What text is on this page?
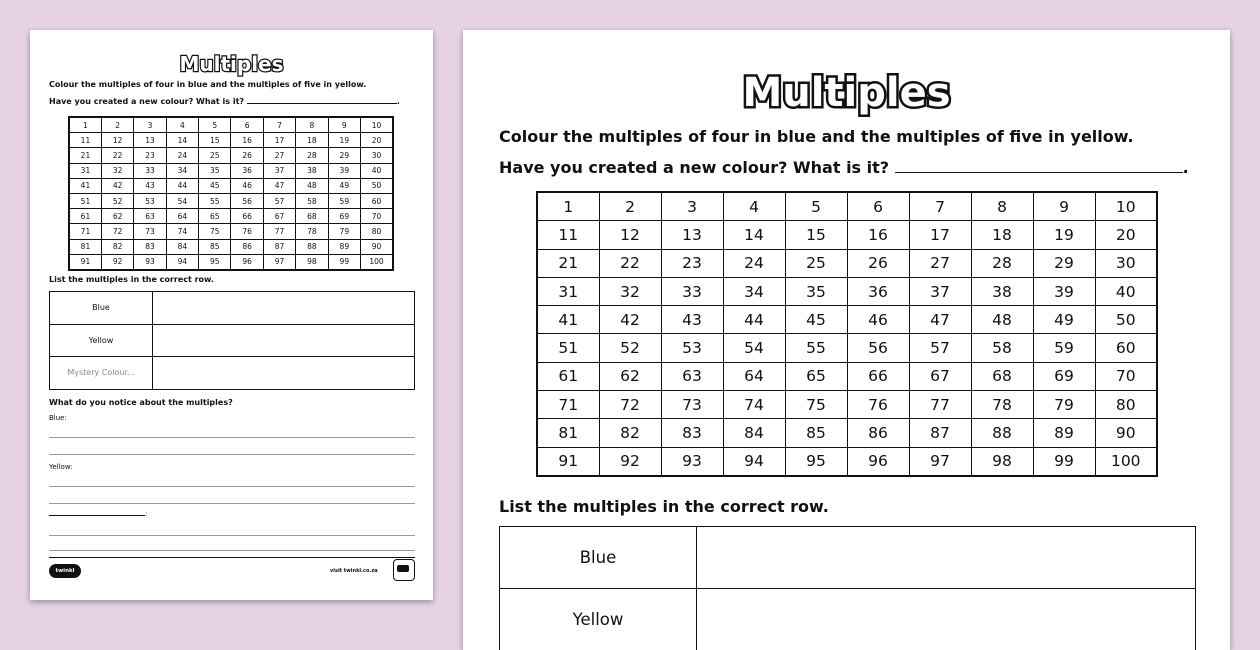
Multiples
Colour the multiples of four in blue and the multiples of five in yellow.
Have you created a new colour? What is it?	.
1	2	3	4	5	6	7	8	9	10
11	12	13	14	15	16	17	18	19	20
21	22	23	24	25	26	27	28	29	30
31	32	33	34	35	36	37	38	39	40
41	42	43	44	45	46	47	48	49	50
51	52	53	54	55	56	57	58	59	60
61	62	63	64	65	66	67	68	69	70
71	72	73	74	75	76	77	78	79	80
81	82	83	84	85	86	87	88	89	90
91	92	93	94	95	96	97	98	99	100
List the multiples in the correct row.
Blue	
Yellow	
Mystery Colour...	
What do you notice about the multiples?
Blue:
Yellow:
:
twinkl	visit twinkl.co.za
Multiples
Colour the multiples of four in blue and the multiples of five in yellow.
Have you created a new colour? What is it?	.
1	2	3	4	5	6	7	8	9	10
11	12	13	14	15	16	17	18	19	20
21	22	23	24	25	26	27	28	29	30
31	32	33	34	35	36	37	38	39	40
41	42	43	44	45	46	47	48	49	50
51	52	53	54	55	56	57	58	59	60
61	62	63	64	65	66	67	68	69	70
71	72	73	74	75	76	77	78	79	80
81	82	83	84	85	86	87	88	89	90
91	92	93	94	95	96	97	98	99	100
List the multiples in the correct row.
Blue	
Yellow	
